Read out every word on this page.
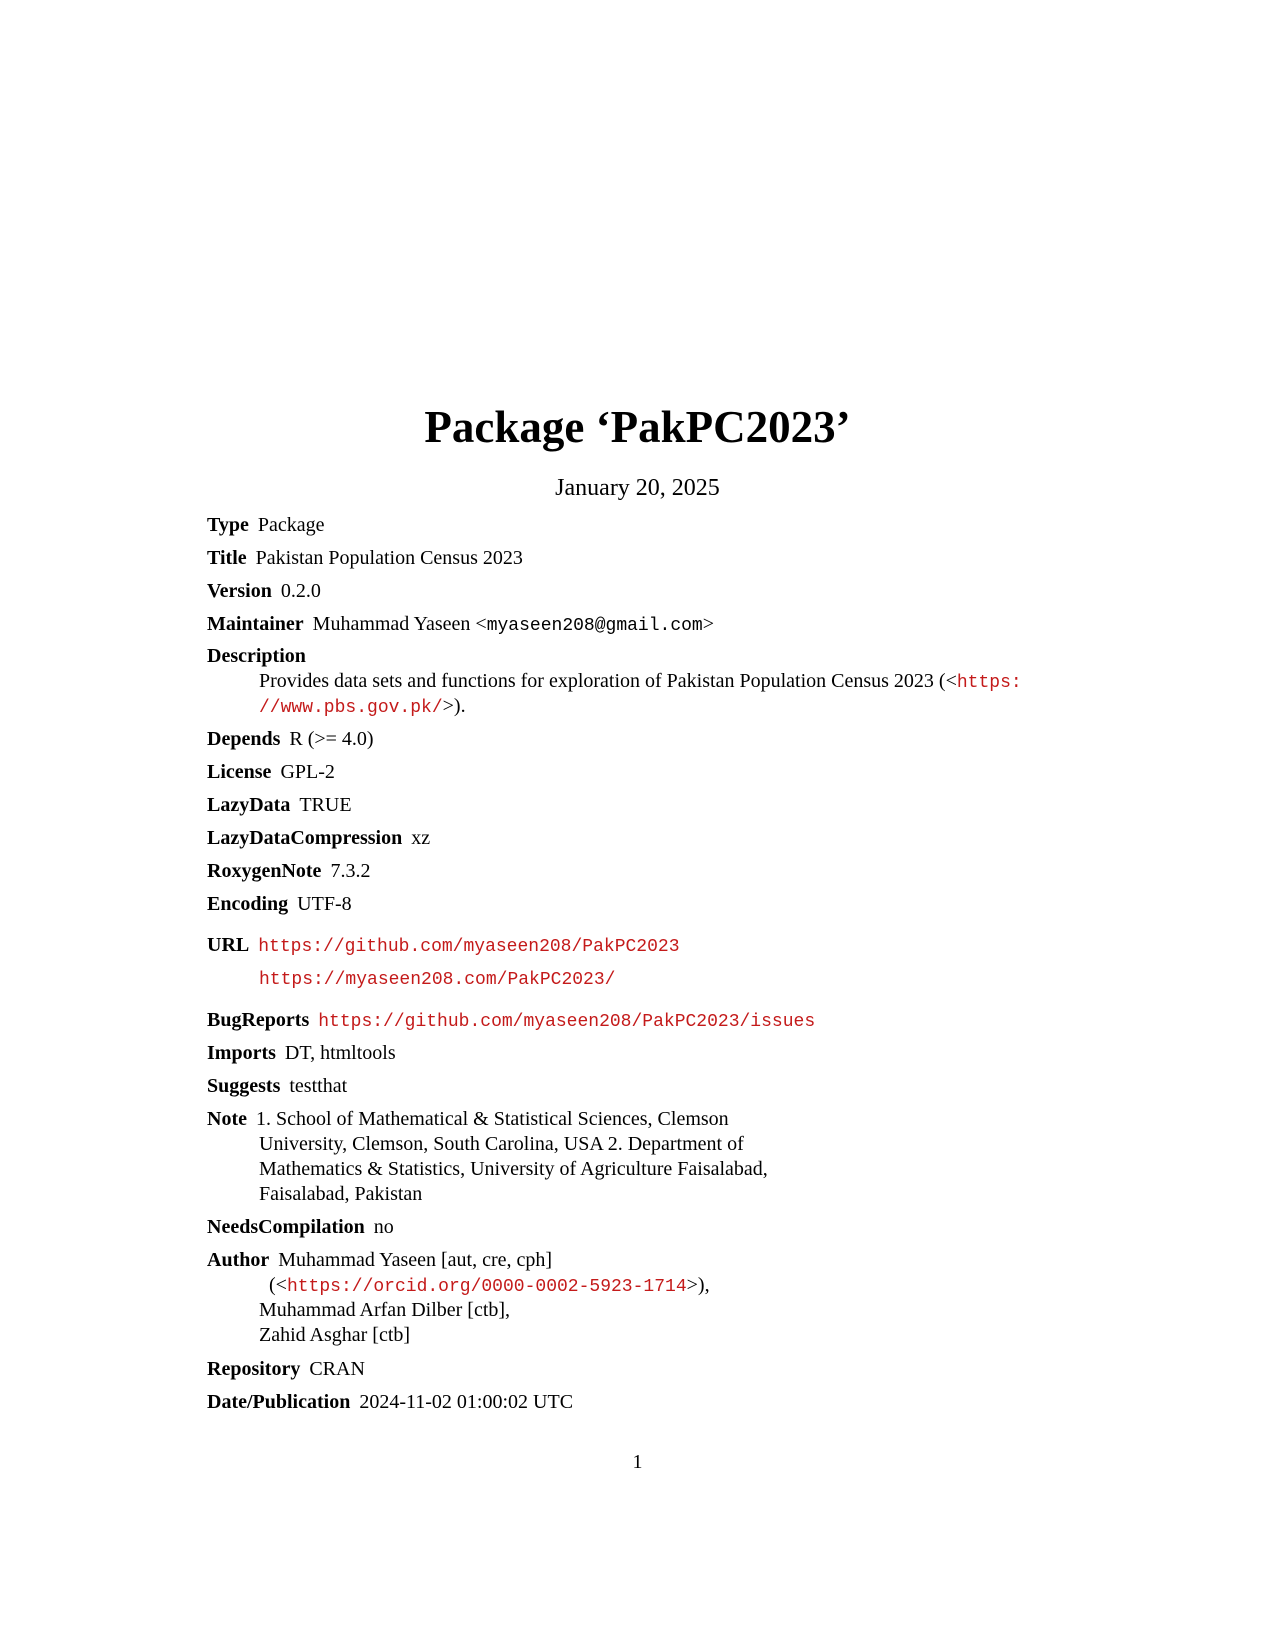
Package ‘PakPC2023’
January 20, 2025
Type Package
Title Pakistan Population Census 2023
Version 0.2.0
Maintainer Muhammad Yaseen <myaseen208@gmail.com>
Description
Provides data sets and functions for exploration of Pakistan Population Census 2023 (<https:
//www.pbs.gov.pk/>).
Depends R (>= 4.0)
License GPL-2
LazyData TRUE
LazyDataCompression xz
RoxygenNote 7.3.2
Encoding UTF-8
URL https://github.com/myaseen208/PakPC2023
https://myaseen208.com/PakPC2023/
BugReports https://github.com/myaseen208/PakPC2023/issues
Imports DT, htmltools
Suggests testthat
Note 1. School of Mathematical & Statistical Sciences, Clemson
University, Clemson, South Carolina, USA 2. Department of
Mathematics & Statistics, University of Agriculture Faisalabad,
Faisalabad, Pakistan
NeedsCompilation no
Author Muhammad Yaseen [aut, cre, cph]
(<https://orcid.org/0000-0002-5923-1714>),
Muhammad Arfan Dilber [ctb],
Zahid Asghar [ctb]
Repository CRAN
Date/Publication 2024-11-02 01:00:02 UTC
1
